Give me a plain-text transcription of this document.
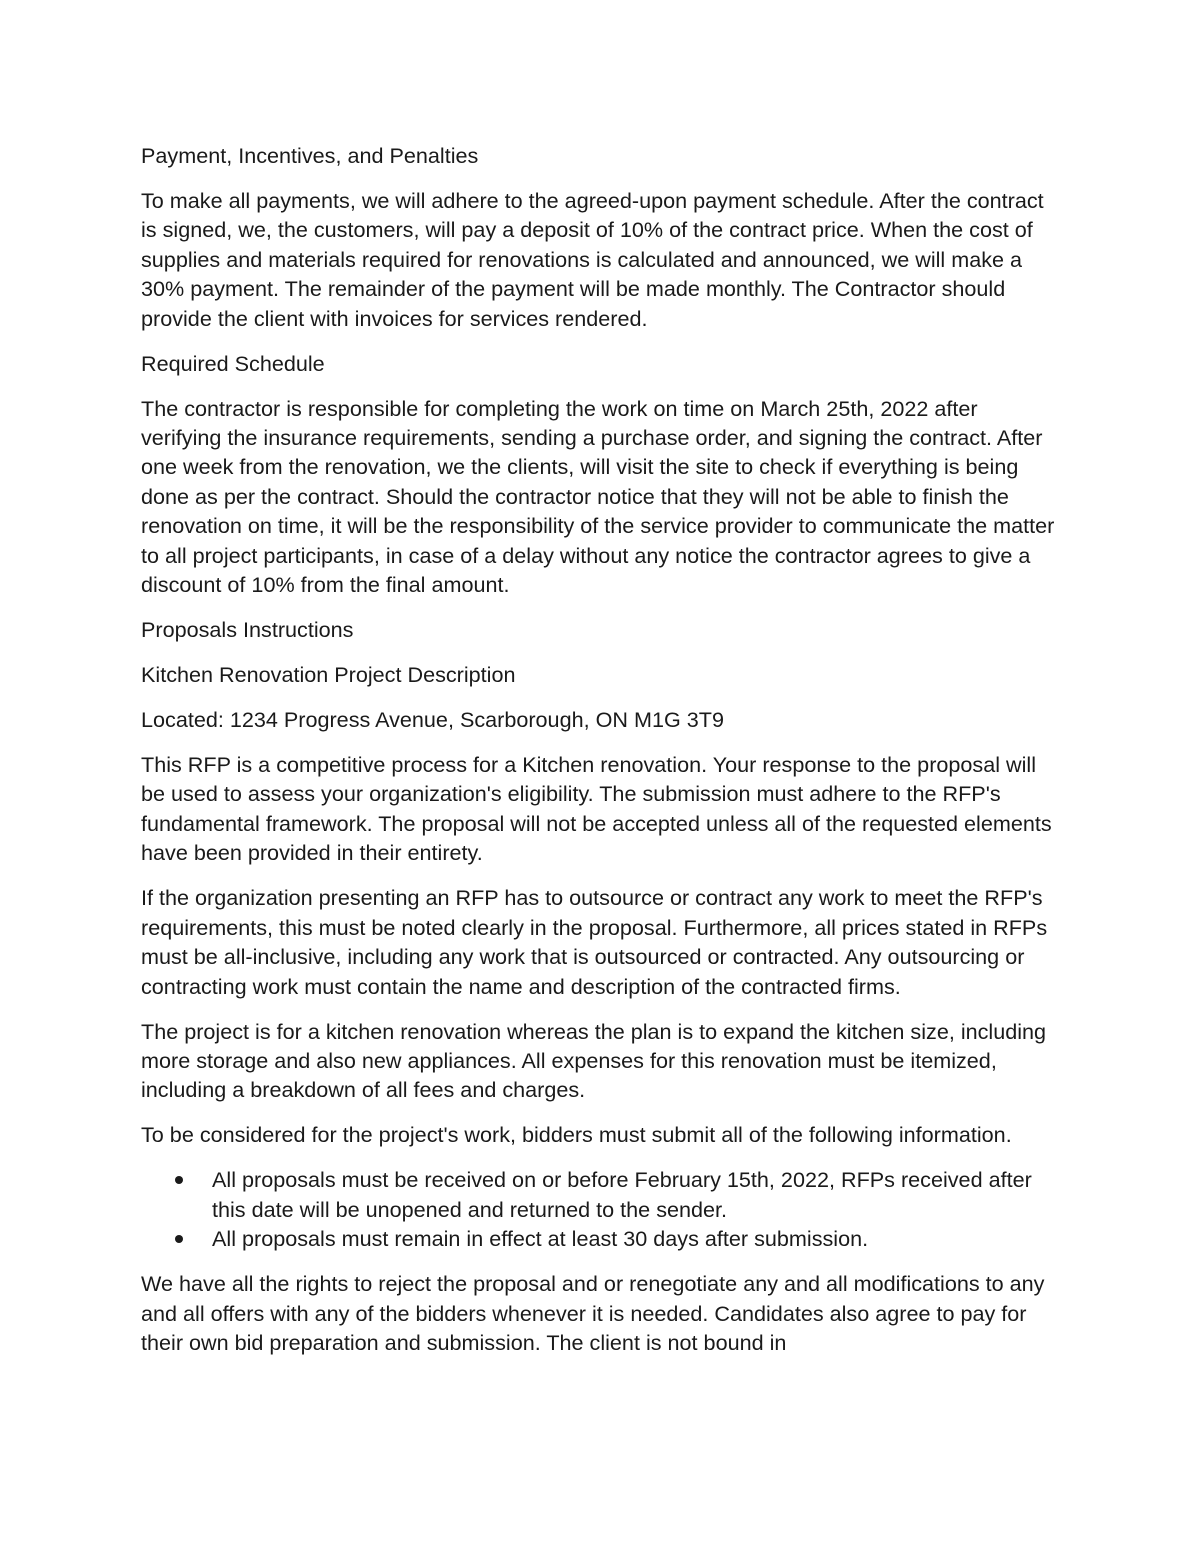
Payment, Incentives, and Penalties

To make all payments, we will adhere to the agreed-upon payment schedule. After the contract is signed, we, the customers, will pay a deposit of 10% of the contract price. When the cost of supplies and materials required for renovations is calculated and announced, we will make a 30% payment. The remainder of the payment will be made monthly. The Contractor should provide the client with invoices for services rendered.

Required Schedule

The contractor is responsible for completing the work on time on March 25th, 2022 after verifying the insurance requirements, sending a purchase order, and signing the contract. After one week from the renovation, we the clients, will visit the site to check if everything is being done as per the contract. Should the contractor notice that they will not be able to finish the renovation on time, it will be the responsibility of the service provider to communicate the matter to all project participants, in case of a delay without any notice the contractor agrees to give a discount of 10% from the final amount.

Proposals Instructions

Kitchen Renovation Project Description

Located: 1234 Progress Avenue, Scarborough, ON M1G 3T9

This RFP is a competitive process for a Kitchen renovation. Your response to the proposal will be used to assess your organization's eligibility. The submission must adhere to the RFP's fundamental framework. The proposal will not be accepted unless all of the requested elements have been provided in their entirety.

If the organization presenting an RFP has to outsource or contract any work to meet the RFP's requirements, this must be noted clearly in the proposal. Furthermore, all prices stated in RFPs must be all-inclusive, including any work that is outsourced or contracted. Any outsourcing or contracting work must contain the name and description of the contracted firms.

The project is for a kitchen renovation whereas the plan is to expand the kitchen size, including more storage and also new appliances. All expenses for this renovation must be itemized, including a breakdown of all fees and charges.

To be considered for the project's work, bidders must submit all of the following information.

All proposals must be received on or before February 15th, 2022, RFPs received after this date will be unopened and returned to the sender.
All proposals must remain in effect at least 30 days after submission.

We have all the rights to reject the proposal and or renegotiate any and all modifications to any and all offers with any of the bidders whenever it is needed. Candidates also agree to pay for their own bid preparation and submission. The client is not bound in
